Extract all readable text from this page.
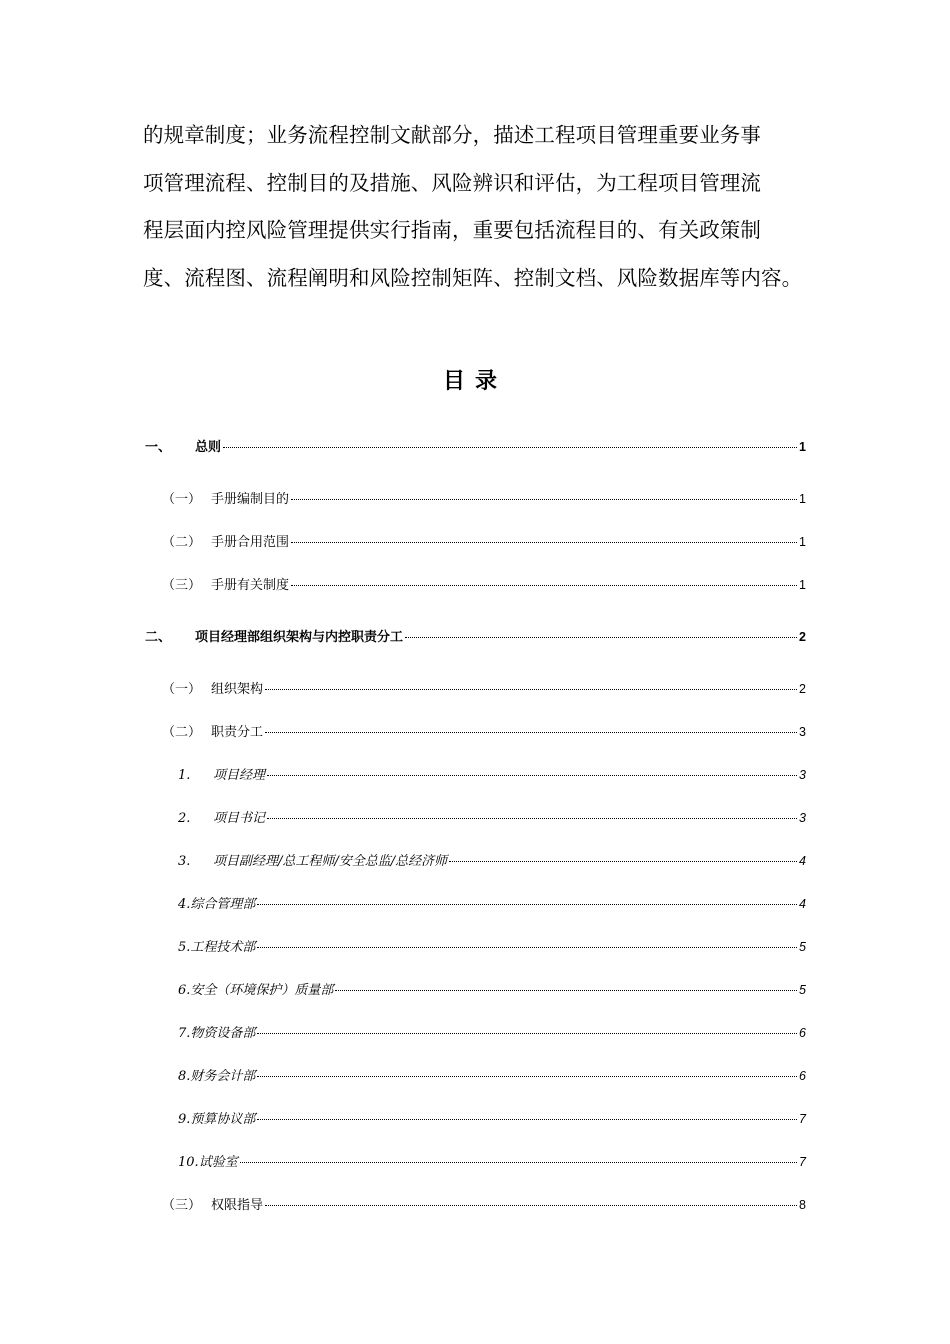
的规章制度；业务流程控制文献部分，描述工程项目管理重要业务事

项管理流程、控制目的及措施、风险辨识和评估，为工程项目管理流

程层面内控风险管理提供实行指南，重要包括流程目的、有关政策制

度、流程图、流程阐明和风险控制矩阵、控制文档、风险数据库等内容。

目录
一、	总则	1
（一） 手册编制目的	1
（二） 手册合用范围	1
（三） 手册有关制度	1
二、	项目经理部组织架构与内控职责分工	2
（一） 组织架构	2
（二） 职责分工	3
1.	项目经理	3
2.	项目书记	3
3.	项目副经理/总工程师/安全总监/总经济师	4
4. 综合管理部	4
5. 工程技术部	5
6. 安全（环境保护）质量部	5
7. 物资设备部	6
8. 财务会计部	6
9. 预算协议部	7
10. 试验室	7
（三） 权限指导	8
